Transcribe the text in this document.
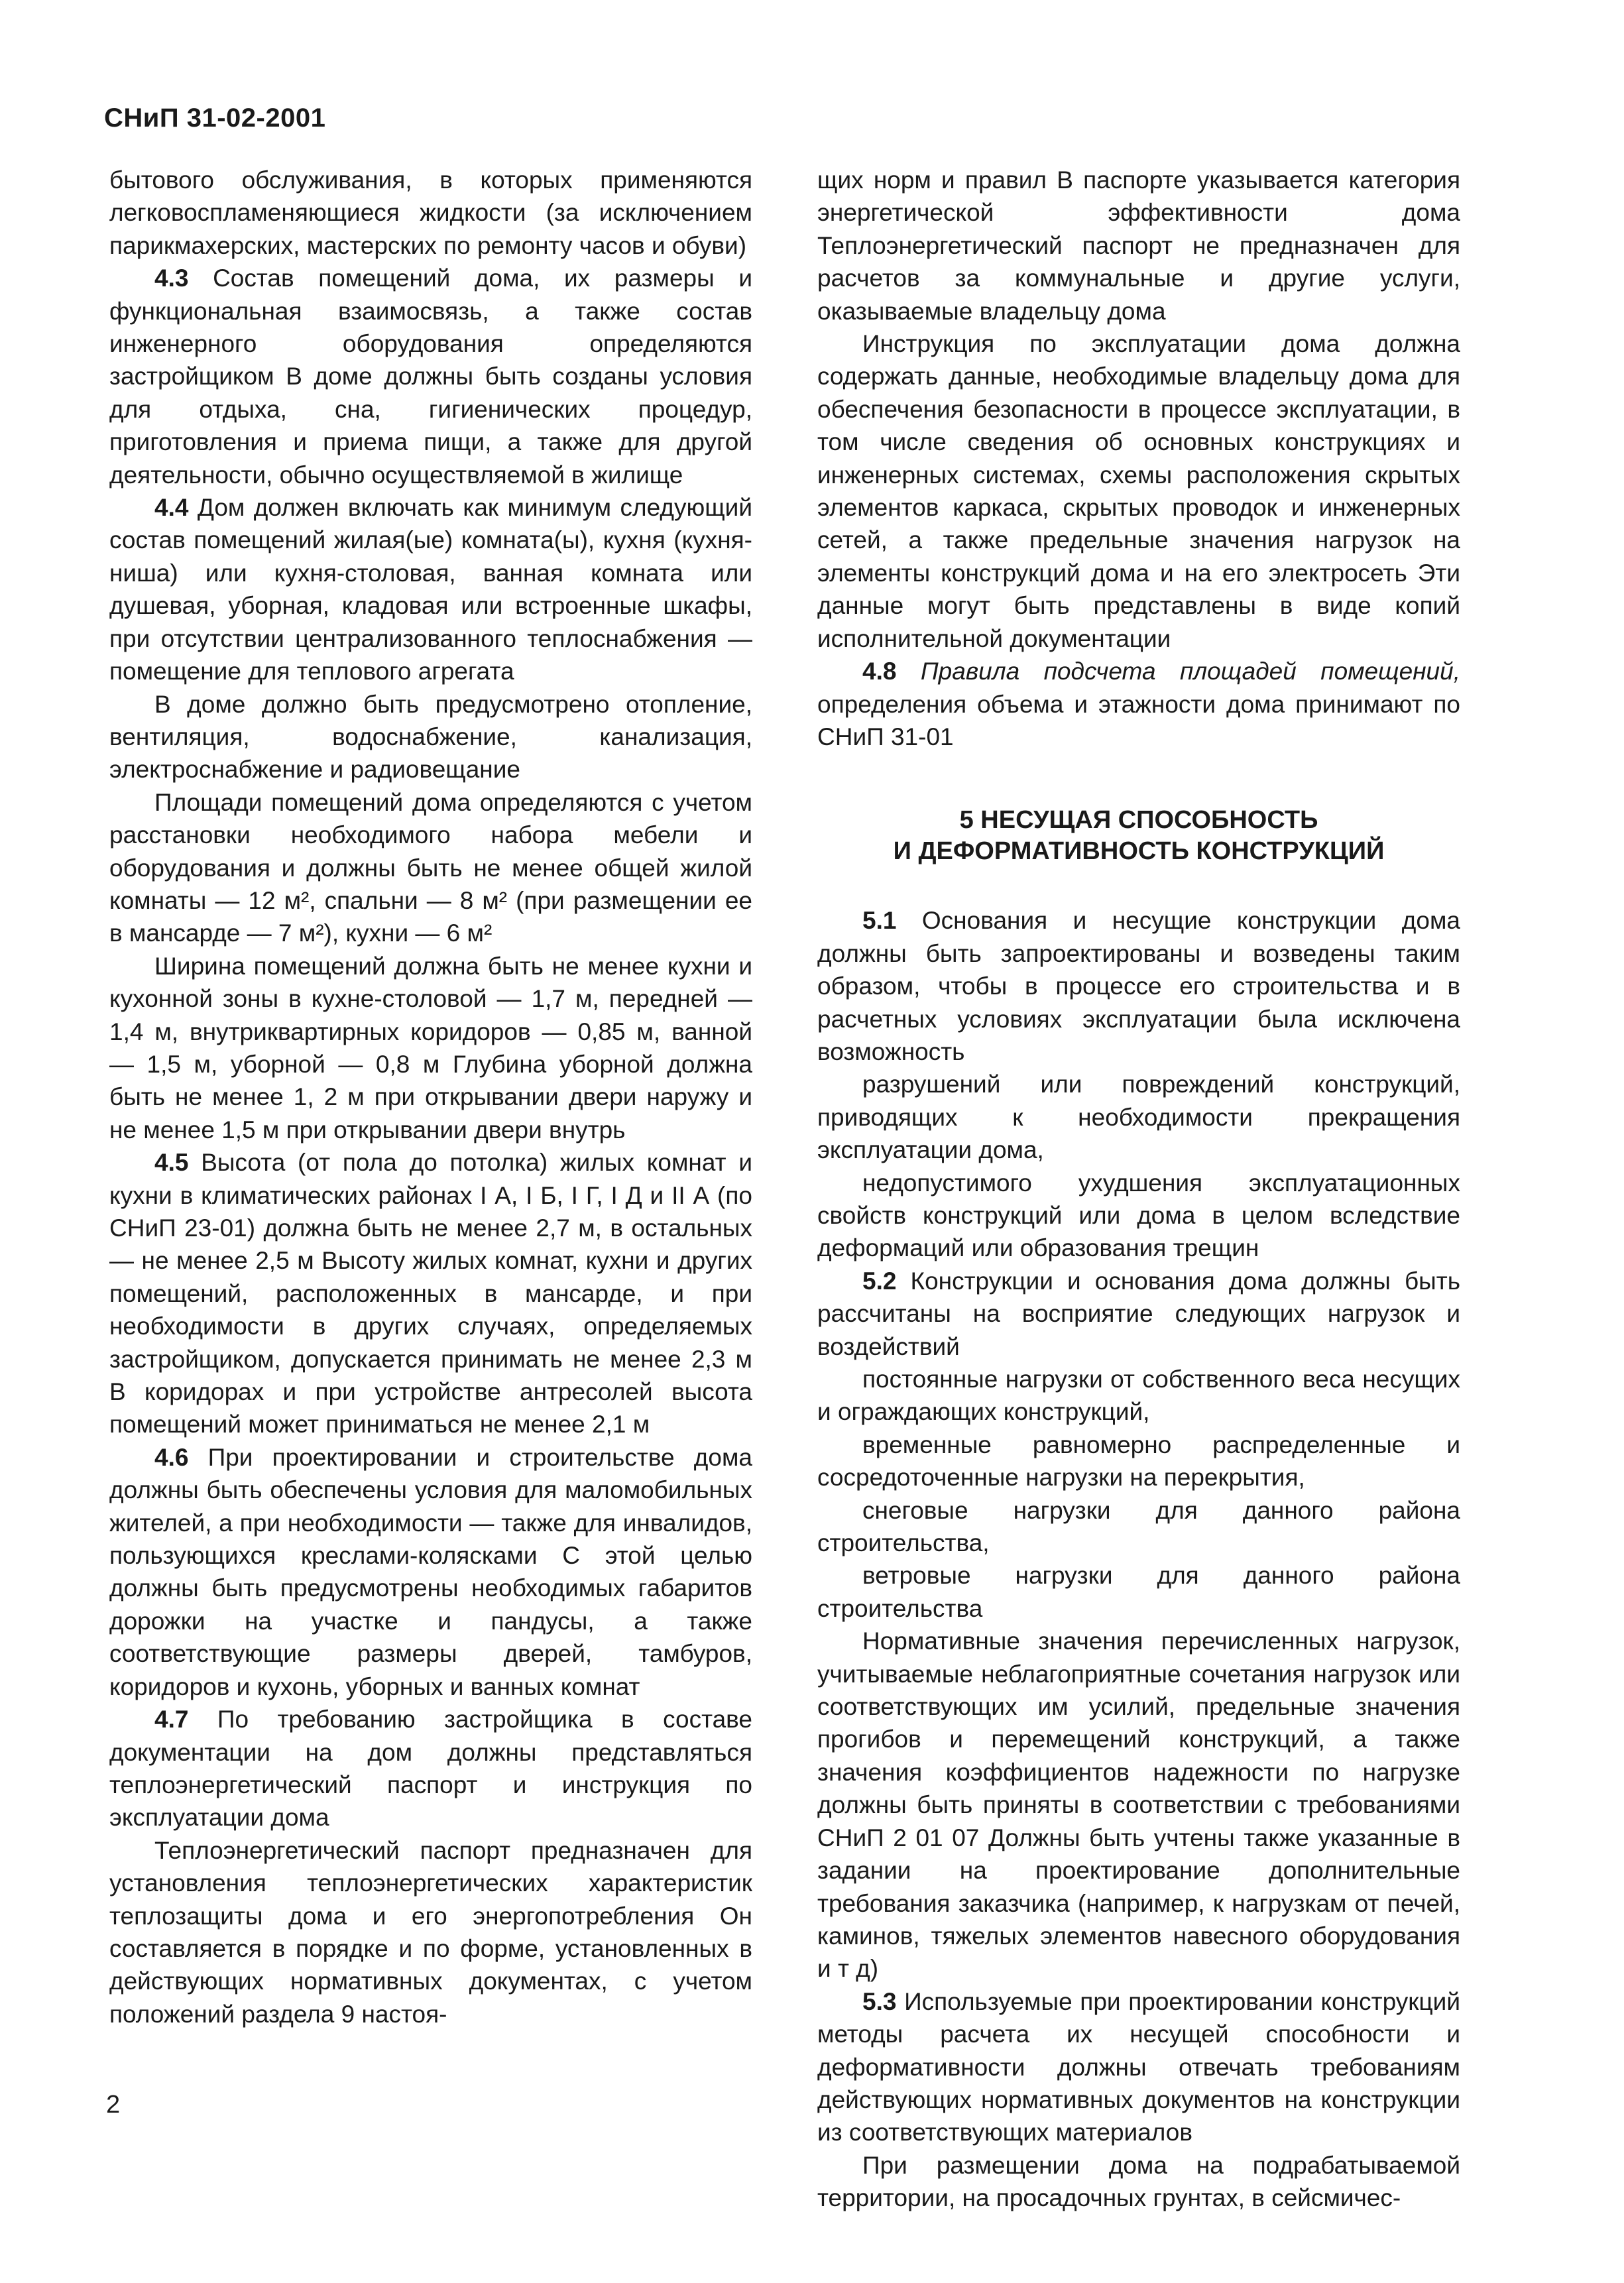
СНиП 31-02-2001

бытового обслуживания, в которых применяются легковоспламеняющиеся жидкости (за исключением парикмахерских, мастерских по ремонту часов и обуви)

4.3 Состав помещений дома, их размеры и функциональная взаимосвязь, а также состав инженерного оборудования определяются застройщиком В доме должны быть созданы условия для отдыха, сна, гигиенических процедур, приготовления и приема пищи, а также для другой деятельности, обычно осуществляемой в жилище

4.4 Дом должен включать как минимум следующий состав помещений жилая(ые) комната(ы), кухня (кухня-ниша) или кухня-столовая, ванная комната или душевая, уборная, кладовая или встроенные шкафы, при отсутствии централизованного теплоснабжения — помещение для теплового агрегата

В доме должно быть предусмотрено отопление, вентиляция, водоснабжение, канализация, электроснабжение и радиовещание

Площади помещений дома определяются с учетом расстановки необходимого набора мебели и оборудования и должны быть не менее общей жилой комнаты — 12 м², спальни — 8 м² (при размещении ее в мансарде — 7 м²), кухни — 6 м²

Ширина помещений должна быть не менее кухни и кухонной зоны в кухне-столовой — 1,7 м, передней — 1,4 м, внутриквартирных коридоров — 0,85 м, ванной — 1,5 м, уборной — 0,8 м Глубина уборной должна быть не менее 1, 2 м при открывании двери наружу и не менее 1,5 м при открывании двери внутрь

4.5 Высота (от пола до потолка) жилых комнат и кухни в климатических районах I А, I Б, I Г, I Д и II А (по СНиП 23-01) должна быть не менее 2,7 м, в остальных — не менее 2,5 м Высоту жилых комнат, кухни и других помещений, расположенных в мансарде, и при необходимости в других случаях, определяемых застройщиком, допускается принимать не менее 2,3 м В коридорах и при устройстве антресолей высота помещений может приниматься не менее 2,1 м

4.6 При проектировании и строительстве дома должны быть обеспечены условия для маломобильных жителей, а при необходимости — также для инвалидов, пользующихся креслами-колясками С этой целью должны быть предусмотрены необходимых габаритов дорожки на участке и пандусы, а также соответствующие размеры дверей, тамбуров, коридоров и кухонь, уборных и ванных комнат

4.7 По требованию застройщика в составе документации на дом должны представляться теплоэнергетический паспорт и инструкция по эксплуатации дома

Теплоэнергетический паспорт предназначен для установления теплоэнергетических характеристик теплозащиты дома и его энергопотребления Он составляется в порядке и по форме, установленных в действующих нормативных документах, с учетом положений раздела 9 настоя-

щих норм и правил В паспорте указывается категория энергетической эффективности дома Теплоэнергетический паспорт не предназначен для расчетов за коммунальные и другие услуги, оказываемые владельцу дома

Инструкция по эксплуатации дома должна содержать данные, необходимые владельцу дома для обеспечения безопасности в процессе эксплуатации, в том числе сведения об основных конструкциях и инженерных системах, схемы расположения скрытых элементов каркаса, скрытых проводок и инженерных сетей, а также предельные значения нагрузок на элементы конструкций дома и на его электросеть Эти данные могут быть представлены в виде копий исполнительной документации

4.8 Правила подсчета площадей помещений, определения объема и этажности дома принимают по СНиП 31-01

5 НЕСУЩАЯ СПОСОБНОСТЬ
И ДЕФОРМАТИВНОСТЬ КОНСТРУКЦИЙ

5.1 Основания и несущие конструкции дома должны быть запроектированы и возведены таким образом, чтобы в процессе его строительства и в расчетных условиях эксплуатации была исключена возможность

разрушений или повреждений конструкций, приводящих к необходимости прекращения эксплуатации дома,

недопустимого ухудшения эксплуатационных свойств конструкций или дома в целом вследствие деформаций или образования трещин

5.2 Конструкции и основания дома должны быть рассчитаны на восприятие следующих нагрузок и воздействий

постоянные нагрузки от собственного веса несущих и ограждающих конструкций,

временные равномерно распределенные и сосредоточенные нагрузки на перекрытия,

снеговые нагрузки для данного района строительства,

ветровые нагрузки для данного района строительства

Нормативные значения перечисленных нагрузок, учитываемые неблагоприятные сочетания нагрузок или соответствующих им усилий, предельные значения прогибов и перемещений конструкций, а также значения коэффициентов надежности по нагрузке должны быть приняты в соответствии с требованиями СНиП 2 01 07 Должны быть учтены также указанные в задании на проектирование дополнительные требования заказчика (например, к нагрузкам от печей, каминов, тяжелых элементов навесного оборудования и т д)

5.3 Используемые при проектировании конструкций методы расчета их несущей способности и деформативности должны отвечать требованиям действующих нормативных документов на конструкции из соответствующих материалов

При размещении дома на подрабатываемой территории, на просадочных грунтах, в сейсмичес-

2
